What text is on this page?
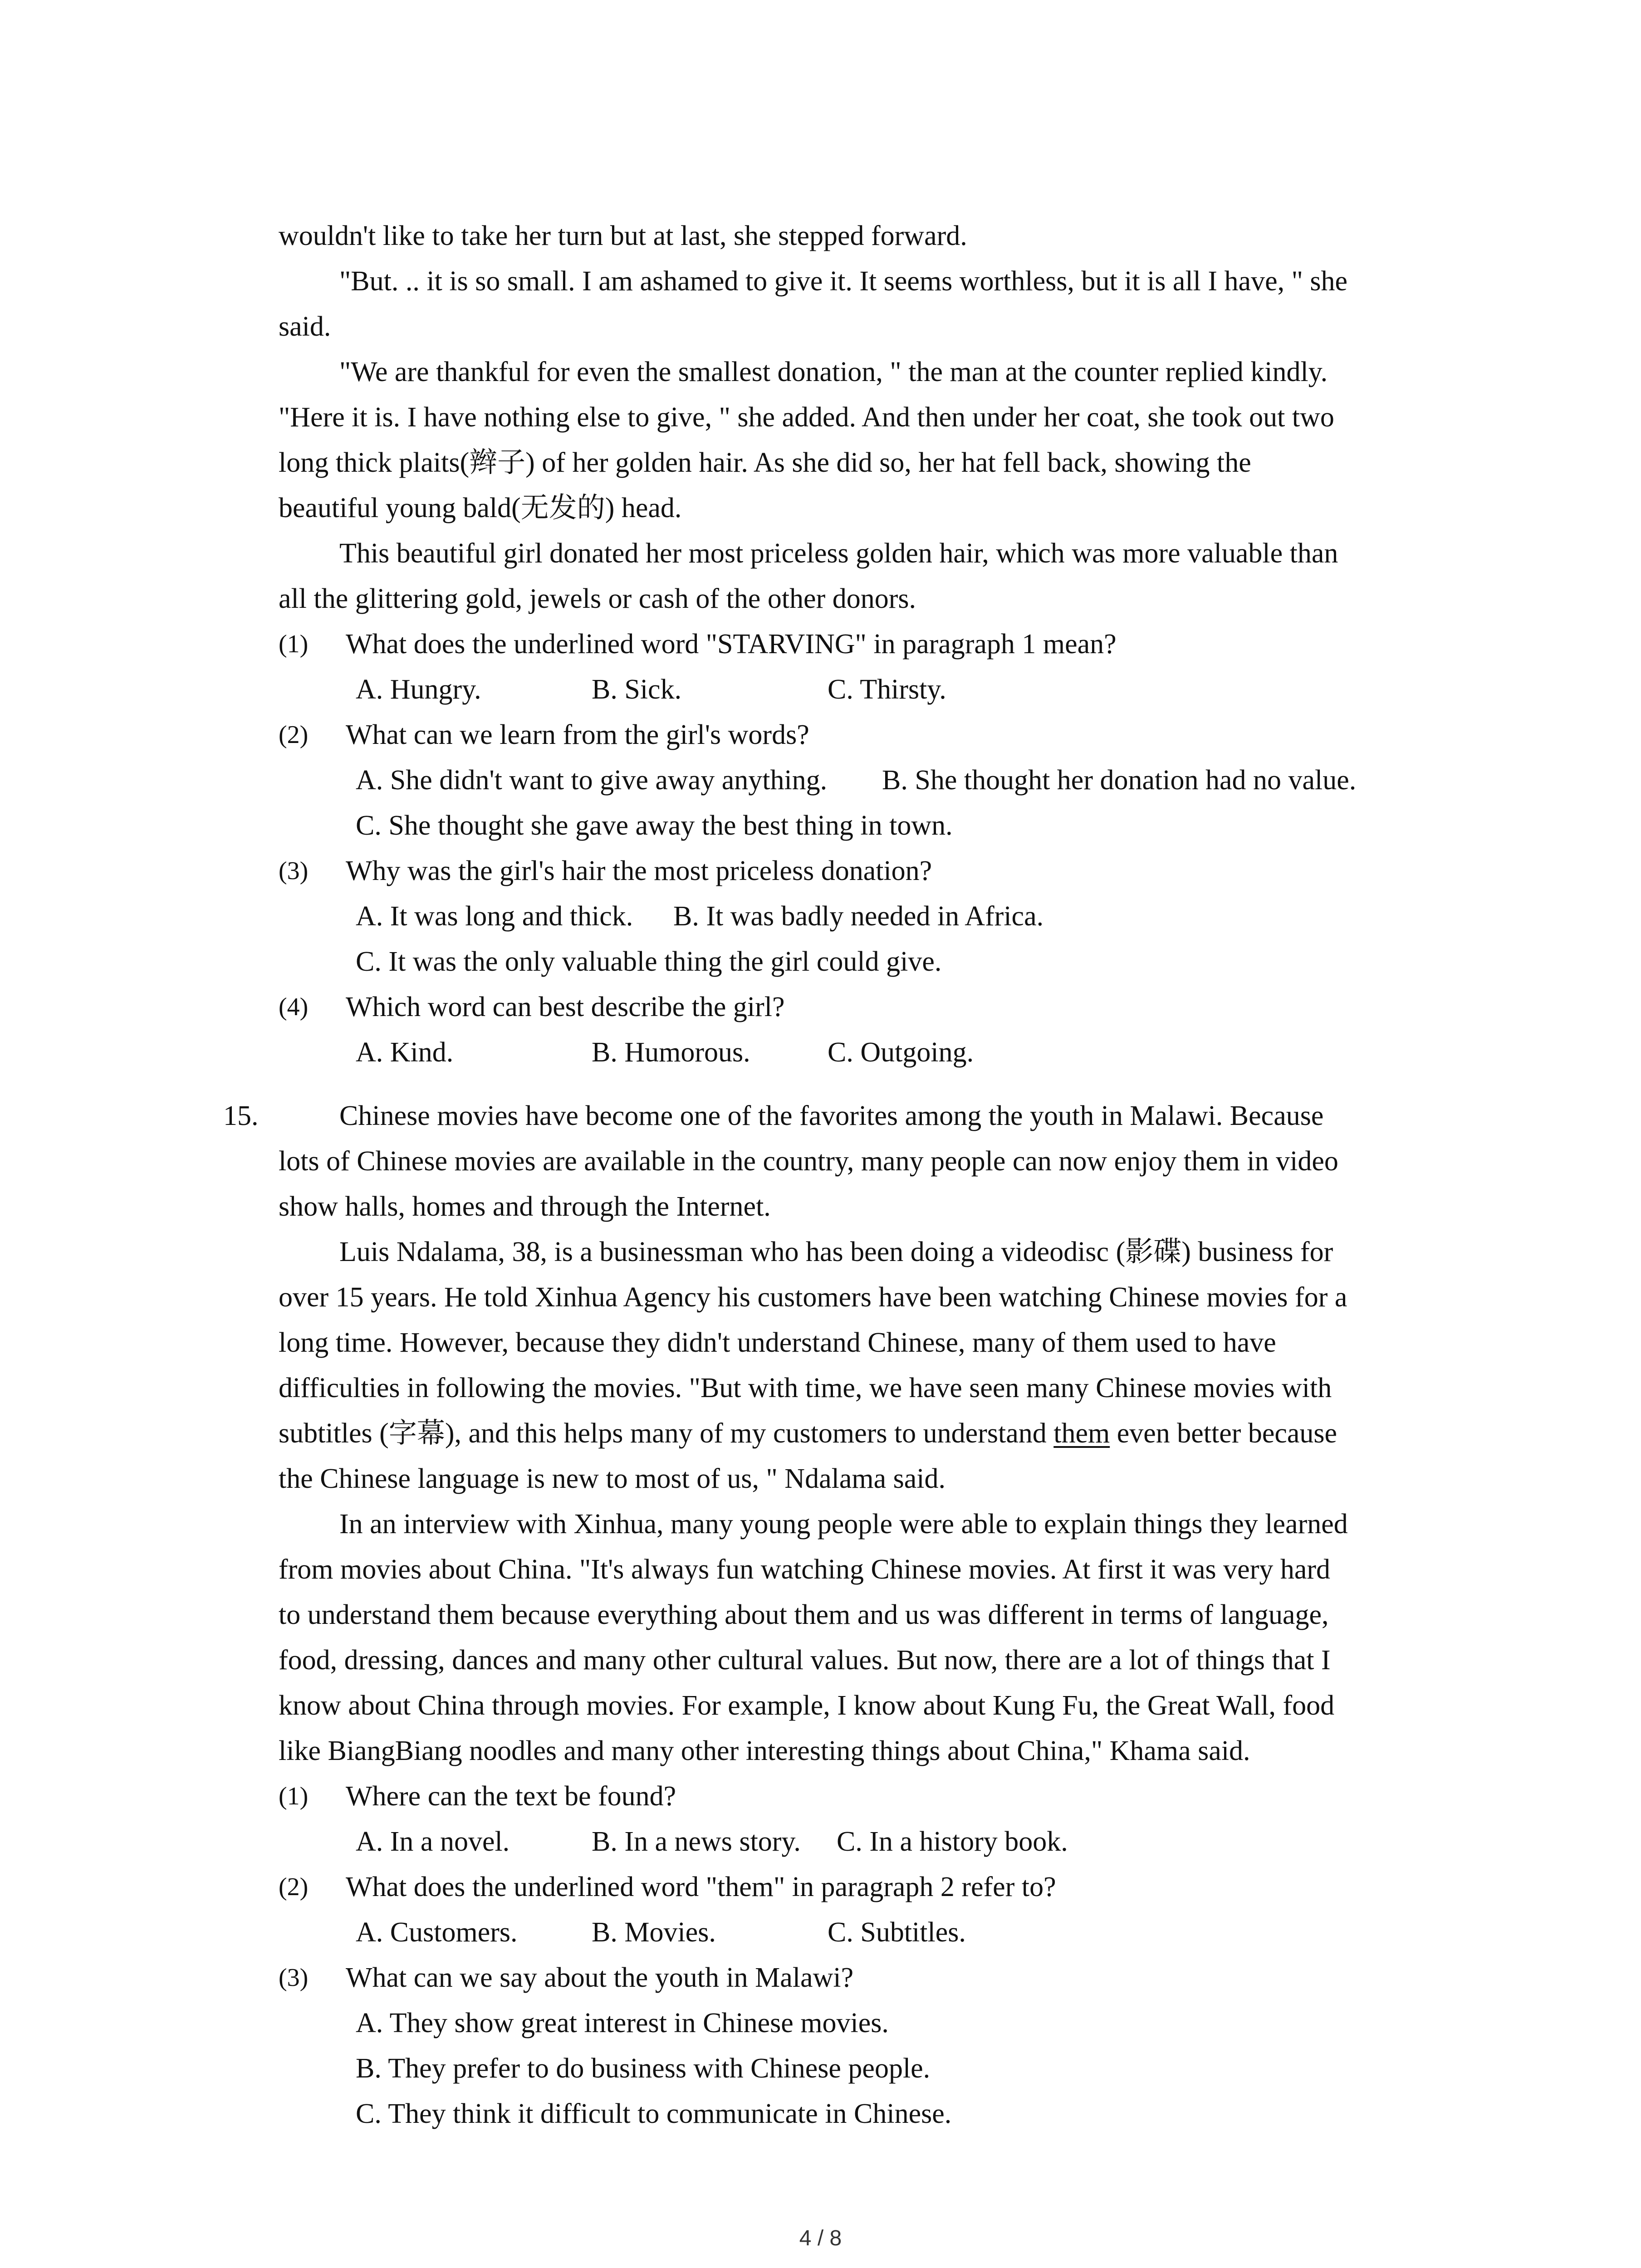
wouldn't like to take her turn but at last, she stepped forward.
"But. .. it is so small. I am ashamed to give it. It seems worthless, but it is all I have, " she
said.
"We are thankful for even the smallest donation, " the man at the counter replied kindly.
"Here it is. I have nothing else to give, " she added. And then under her coat, she took out two
long thick plaits(辫子) of her golden hair. As she did so, her hat fell back, showing the
beautiful young bald(无发的) head.
This beautiful girl donated her most priceless golden hair, which was more valuable than
all the glittering gold, jewels or cash of the other donors.
(1) What does the underlined word "STARVING" in paragraph 1 mean?
A. Hungry.	B. Sick.	C. Thirsty.
(2) What can we learn from the girl's words?
A. She didn't want to give away anything. B. She thought her donation had no value.
C. She thought she gave away the best thing in town.
(3) Why was the girl's hair the most priceless donation?
A. It was long and thick. B. It was badly needed in Africa.
C. It was the only valuable thing the girl could give.
(4) Which word can best describe the girl?
A. Kind.	B. Humorous.	C. Outgoing.
15.	Chinese movies have become one of the favorites among the youth in Malawi. Because
lots of Chinese movies are available in the country, many people can now enjoy them in video
show halls, homes and through the Internet.
Luis Ndalama, 38, is a businessman who has been doing a videodisc (影碟) business for
over 15 years. He told Xinhua Agency his customers have been watching Chinese movies for a
long time. However, because they didn't understand Chinese, many of them used to have
difficulties in following the movies. "But with time, we have seen many Chinese movies with
subtitles (字幕), and this helps many of my customers to understand them even better because
the Chinese language is new to most of us, " Ndalama said.
In an interview with Xinhua, many young people were able to explain things they learned
from movies about China. "It's always fun watching Chinese movies. At first it was very hard
to understand them because everything about them and us was different in terms of language,
food, dressing, dances and many other cultural values. But now, there are a lot of things that I
know about China through movies. For example, I know about Kung Fu, the Great Wall, food
like BiangBiang noodles and many other interesting things about China," Khama said.
(1) Where can the text be found?
A. In a novel.	B. In a news story. C. In a history book.
(2) What does the underlined word "them" in paragraph 2 refer to?
A. Customers.	B. Movies.	C. Subtitles.
(3) What can we say about the youth in Malawi?
A. They show great interest in Chinese movies.
B. They prefer to do business with Chinese people.
C. They think it difficult to communicate in Chinese.
4 / 8
